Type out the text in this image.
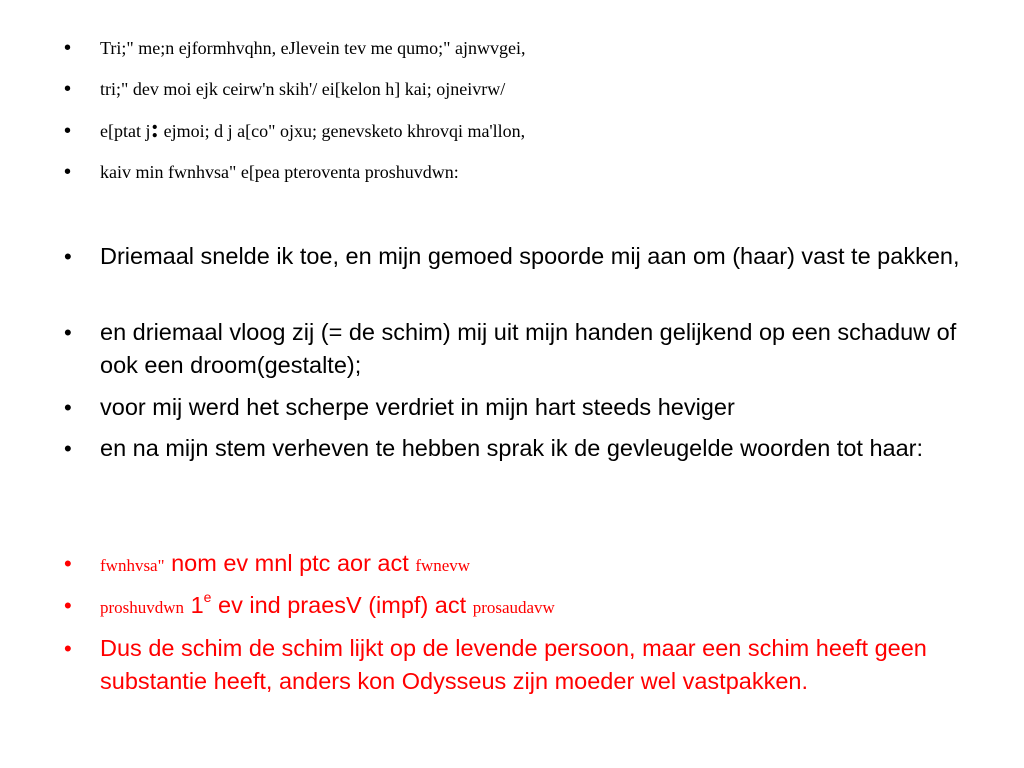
•	Tri;" me;n ejformhvqhn, eJlevein tev me qumo;" ajnwvgei,
•	tri;" dev moi ejk ceirw'n skih'/ ei[kelon h] kai; ojneivrw/
•	e[ptat j: ejmoi; d j a[co" ojxu; genevsketo khrovqi ma'llon,
•	kaiv min fwnhvsa" e[pea pteroventa proshuvdwn:
•	Driemaal snelde ik toe, en mijn gemoed spoorde mij aan om (haar) vast te pakken,
•	en driemaal vloog zij (= de schim) mij uit mijn handen gelijkend op een schaduw of ook een droom(gestalte);
•	voor mij werd het scherpe verdriet in mijn hart steeds heviger
•	en na mijn stem verheven te hebben sprak ik de gevleugelde woorden tot haar:
•	fwnhvsa" nom ev mnl ptc aor act fwnevw
•	proshuvdwn 1e ev ind praesV (impf) act prosaudavw
•	Dus de schim de schim lijkt op de levende persoon, maar een schim heeft geen substantie heeft, anders kon Odysseus zijn moeder wel vastpakken.
